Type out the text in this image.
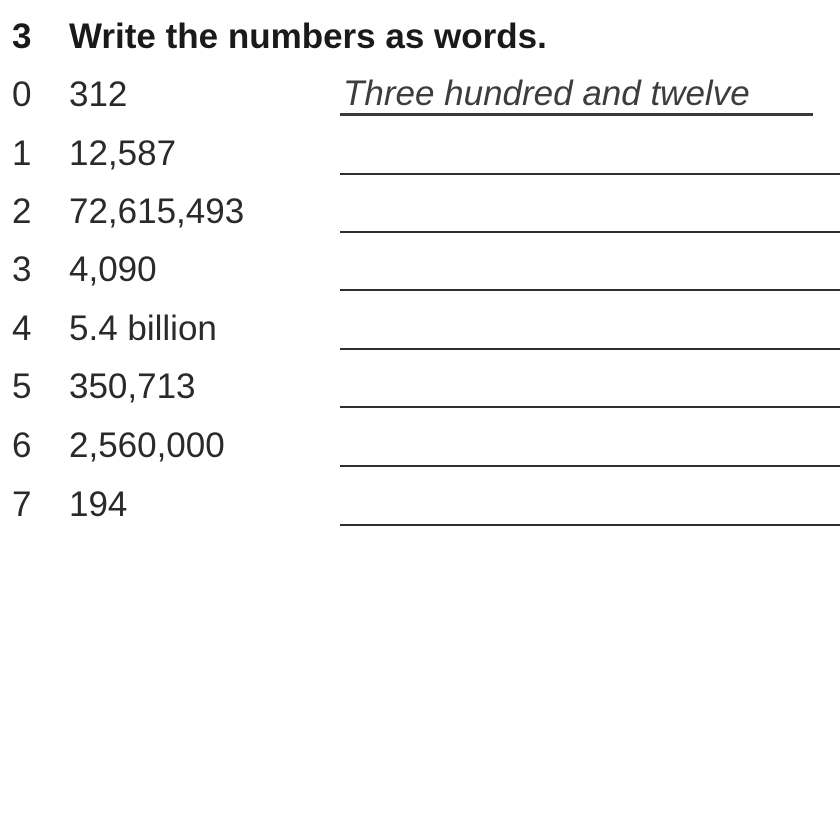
3	Write the numbers as words.
0 312	Three hundred and twelve
1 12,587
2 72,615,493
3 4,090
4 5.4 billion
5 350,713
6 2,560,000
7 194
